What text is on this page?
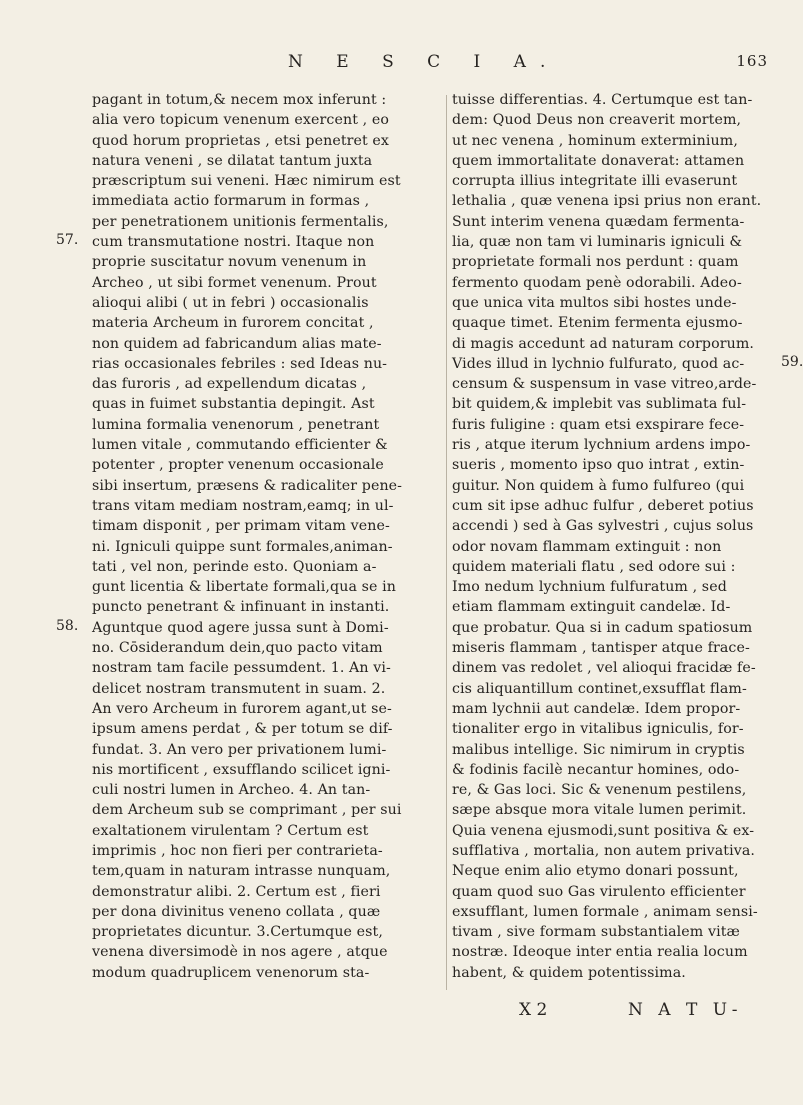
N E S C I A.	163
pagant in totum,& necem mox inferunt :
alia vero topicum venenum exercent , eo
quod horum proprietas , etsi penetret ex
natura veneni , se dilatat tantum juxta
præscriptum sui veneni. Hæc nimirum est
immediata actio formarum in formas ,
per penetrationem unitionis fermentalis,
cum transmutatione nostri. Itaque non
proprie suscitatur novum venenum in
Archeo , ut sibi formet venenum. Prout
alioqui alibi ( ut in febri ) occasionalis
materia Archeum in furorem concitat ,
non quidem ad fabricandum alias mate-
rias occasionales febriles : sed Ideas nu-
das furoris , ad expellendum dicatas ,
quas in fuimet substantia depingit. Ast
lumina formalia venenorum , penetrant
lumen vitale , commutando efficienter &
potenter , propter venenum occasionale
sibi insertum, præsens & radicaliter pene-
trans vitam mediam nostram,eamq; in ul-
timam disponit , per primam vitam vene-
ni. Igniculi quippe sunt formales,animan-
tati , vel non, perinde esto. Quoniam a-
gunt licentia & libertate formali,qua se in
puncto penetrant & infinuant in instanti.
Aguntque quod agere jussa sunt à Domi-
no. Cōsiderandum dein,quo pacto vitam
nostram tam facile pessumdent. 1. An vi-
delicet nostram transmutent in suam. 2.
An vero Archeum in furorem agant,ut se-
ipsum amens perdat , & per totum se dif-
fundat. 3. An vero per privationem lumi-
nis mortificent , exsufflando scilicet igni-
culi nostri lumen in Archeo. 4. An tan-
dem Archeum sub se comprimant , per sui
exaltationem virulentam ? Certum est
imprimis , hoc non fieri per contrarieta-
tem,quam in naturam intrasse nunquam,
demonstratur alibi. 2. Certum est , fieri
per dona divinitus veneno collata , quæ
proprietates dicuntur. 3.Certumque est,
venena diversimodè in nos agere , atque
modum quadruplicem venenorum sta-
tuisse differentias. 4. Certumque est tan-
dem: Quod Deus non creaverit mortem,
ut nec venena , hominum exterminium,
quem immortalitate donaverat: attamen
corrupta illius integritate illi evaserunt
lethalia , quæ venena ipsi prius non erant.
Sunt interim venena quædam fermenta-
lia, quæ non tam vi luminaris igniculi &
proprietate formali nos perdunt : quam
fermento quodam penè odorabili. Adeo-
que unica vita multos sibi hostes unde-
quaque timet. Etenim fermenta ejusmo-
di magis accedunt ad naturam corporum.
Vides illud in lychnio fulfurato, quod ac-
censum & suspensum in vase vitreo,arde-
bit quidem,& implebit vas sublimata ful-
furis fuligine : quam etsi exspirare fece-
ris , atque iterum lychnium ardens impo-
sueris , momento ipso quo intrat , extin-
guitur. Non quidem à fumo fulfureo (qui
cum sit ipse adhuc fulfur , deberet potius
accendi ) sed à Gas sylvestri , cujus solus
odor novam flammam extinguit : non
quidem materiali flatu , sed odore sui :
Imo nedum lychnium fulfuratum , sed
etiam flammam extinguit candelæ. Id-
que probatur. Qua si in cadum spatiosum
miseris flammam , tantisper atque frace-
dinem vas redolet , vel alioqui fracidæ fe-
cis aliquantillum continet,exsufflat flam-
mam lychnii aut candelæ. Idem propor-
tionaliter ergo in vitalibus igniculis, for-
malibus intellige. Sic nimirum in cryptis
& fodinis facilè necantur homines, odo-
re, & Gas loci. Sic & venenum pestilens,
sæpe absque mora vitale lumen perimit.
Quia venena ejusmodi,sunt positiva & ex-
sufflativa , mortalia, non autem privativa.
Neque enim alio etymo donari possunt,
quam quod suo Gas virulento efficienter
exsufflant, lumen formale , animam sensi-
tivam , sive formam substantialem vitæ
nostræ. Ideoque inter entia realia locum
habent, & quidem potentissima.
57.
58.
59.
X 2	N A T U-
